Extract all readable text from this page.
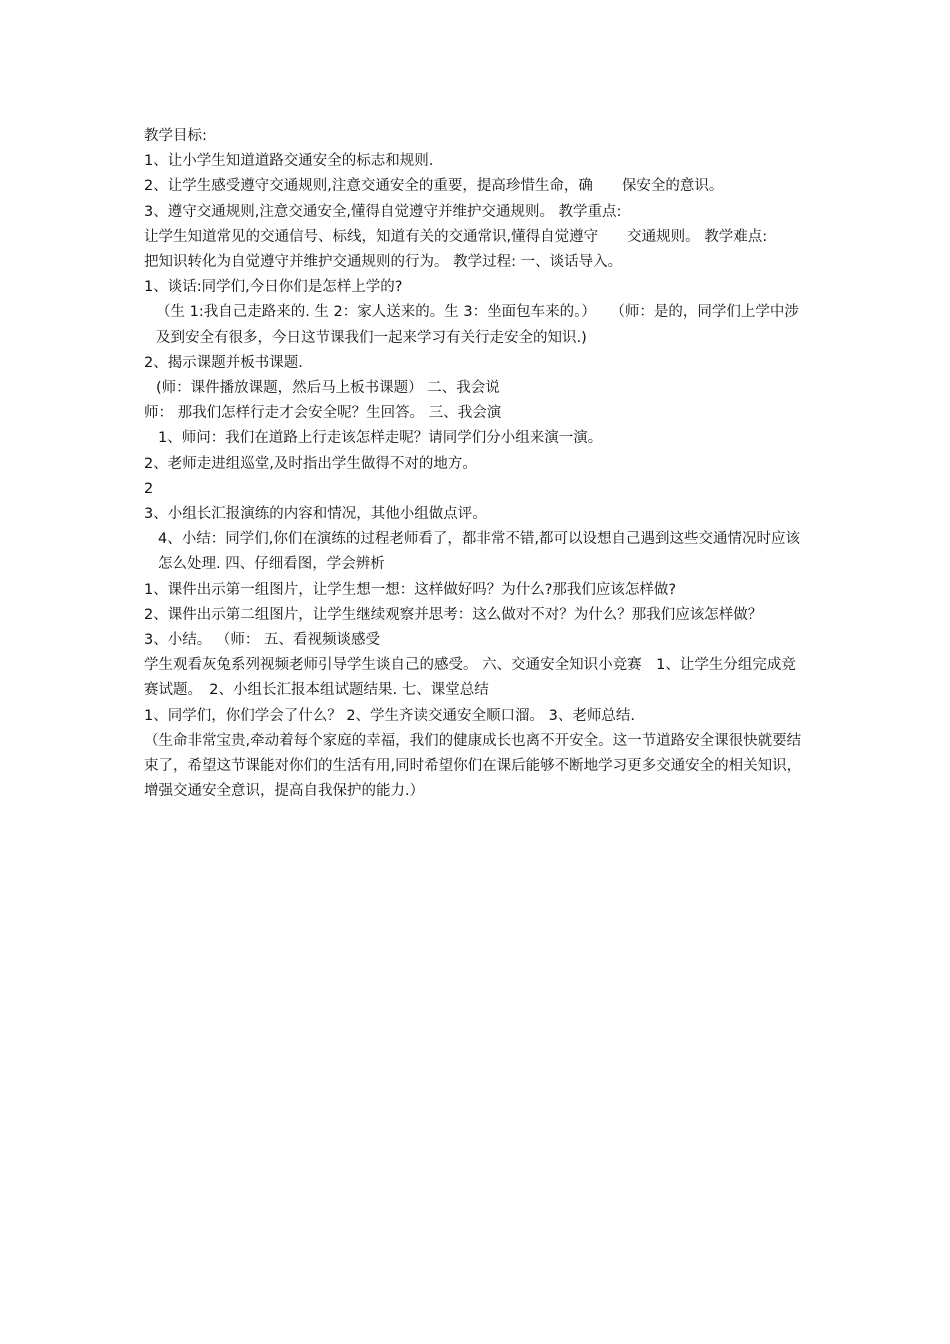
教学目标:

1、让小学生知道道路交通安全的标志和规则.

2、让学生感受遵守交通规则,注意交通安全的重要，提高珍惜生命，确　　保安全的意识。

3、遵守交通规则,注意交通安全,懂得自觉遵守并维护交通规则。 教学重点:

让学生知道常见的交通信号、标线，知道有关的交通常识,懂得自觉遵守　　交通规则。 教学难点:

把知识转化为自觉遵守并维护交通规则的行为。 教学过程: 一、谈话导入。

1、谈话:同学们,今日你们是怎样上学的?

（生 1:我自己走路来的. 生 2：家人送来的。生 3：坐面包车来的。）　　（师：是的，同学们上学中涉及到安全有很多，今日这节课我们一起来学习有关行走安全的知识.)

2、揭示课题并板书课题.

(师：课件播放课题，然后马上板书课题） 二、我会说

师： 那我们怎样行走才会安全呢？生回答。 三、我会演

1、师问：我们在道路上行走该怎样走呢？请同学们分小组来演一演。

2、老师走进组巡堂,及时指出学生做得不对的地方。

2

3、小组长汇报演练的内容和情况，其他小组做点评。

4、小结：同学们,你们在演练的过程老师看了，都非常不错,都可以设想自己遇到这些交通情况时应该怎么处理. 四、仔细看图，学会辨析

1、课件出示第一组图片，让学生想一想：这样做好吗？为什么?那我们应该怎样做?

2、课件出示第二组图片，让学生继续观察并思考：这么做对不对？为什么？那我们应该怎样做？

3、小结。 （师： 五、看视频谈感受

学生观看灰兔系列视频老师引导学生谈自己的感受。 六、交通安全知识小竞赛　1、让学生分组完成竞赛试题。　2、小组长汇报本组试题结果. 七、课堂总结

1、同学们，你们学会了什么？ 2、学生齐读交通安全顺口溜。 3、老师总结.

（生命非常宝贵,牵动着每个家庭的幸福，我们的健康成长也离不开安全。这一节道路安全课很快就要结束了，希望这节课能对你们的生活有用,同时希望你们在课后能够不断地学习更多交通安全的相关知识，增强交通安全意识，提高自我保护的能力.）
